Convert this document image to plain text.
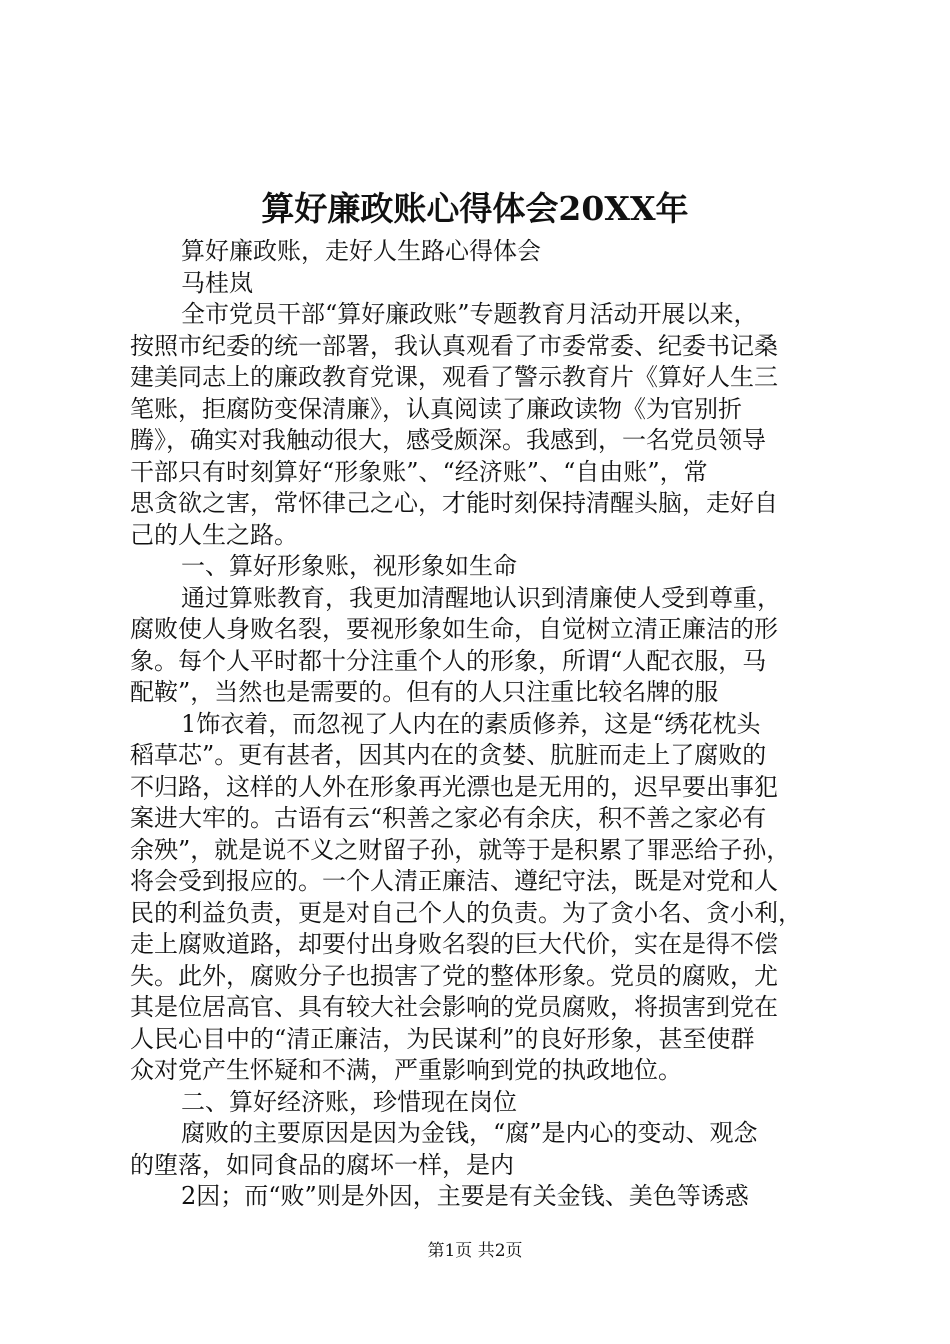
算好廉政账心得体会20XX年
算好廉政账，走好人生路心得体会
马桂岚
全市党员干部“算好廉政账”专题教育月活动开展以来，
按照市纪委的统一部署，我认真观看了市委常委、纪委书记桑
建美同志上的廉政教育党课，观看了警示教育片《算好人生三
笔账，拒腐防变保清廉》，认真阅读了廉政读物《为官别折
腾》，确实对我触动很大，感受颇深。我感到，一名党员领导
干部只有时刻算好“形象账”、“经济账”、“自由账”，常
思贪欲之害，常怀律己之心，才能时刻保持清醒头脑，走好自
己的人生之路。
一、算好形象账，视形象如生命
通过算账教育，我更加清醒地认识到清廉使人受到尊重，
腐败使人身败名裂，要视形象如生命，自觉树立清正廉洁的形
象。每个人平时都十分注重个人的形象，所谓“人配衣服，马
配鞍”，当然也是需要的。但有的人只注重比较名牌的服
1饰衣着，而忽视了人内在的素质修养，这是“绣花枕头
稻草芯”。更有甚者，因其内在的贪婪、肮脏而走上了腐败的
不归路，这样的人外在形象再光漂也是无用的，迟早要出事犯
案进大牢的。古语有云“积善之家必有余庆，积不善之家必有
余殃”，就是说不义之财留子孙，就等于是积累了罪恶给子孙，
将会受到报应的。一个人清正廉洁、遵纪守法，既是对党和人
民的利益负责，更是对自己个人的负责。为了贪小名、贪小利，
走上腐败道路，却要付出身败名裂的巨大代价，实在是得不偿
失。此外，腐败分子也损害了党的整体形象。党员的腐败，尤
其是位居高官、具有较大社会影响的党员腐败，将损害到党在
人民心目中的“清正廉洁，为民谋利”的良好形象，甚至使群
众对党产生怀疑和不满，严重影响到党的执政地位。
二、算好经济账，珍惜现在岗位
腐败的主要原因是因为金钱，“腐”是内心的变动、观念
的堕落，如同食品的腐坏一样，是内
2因；而“败”则是外因，主要是有关金钱、美色等诱惑
第1页 共2页
